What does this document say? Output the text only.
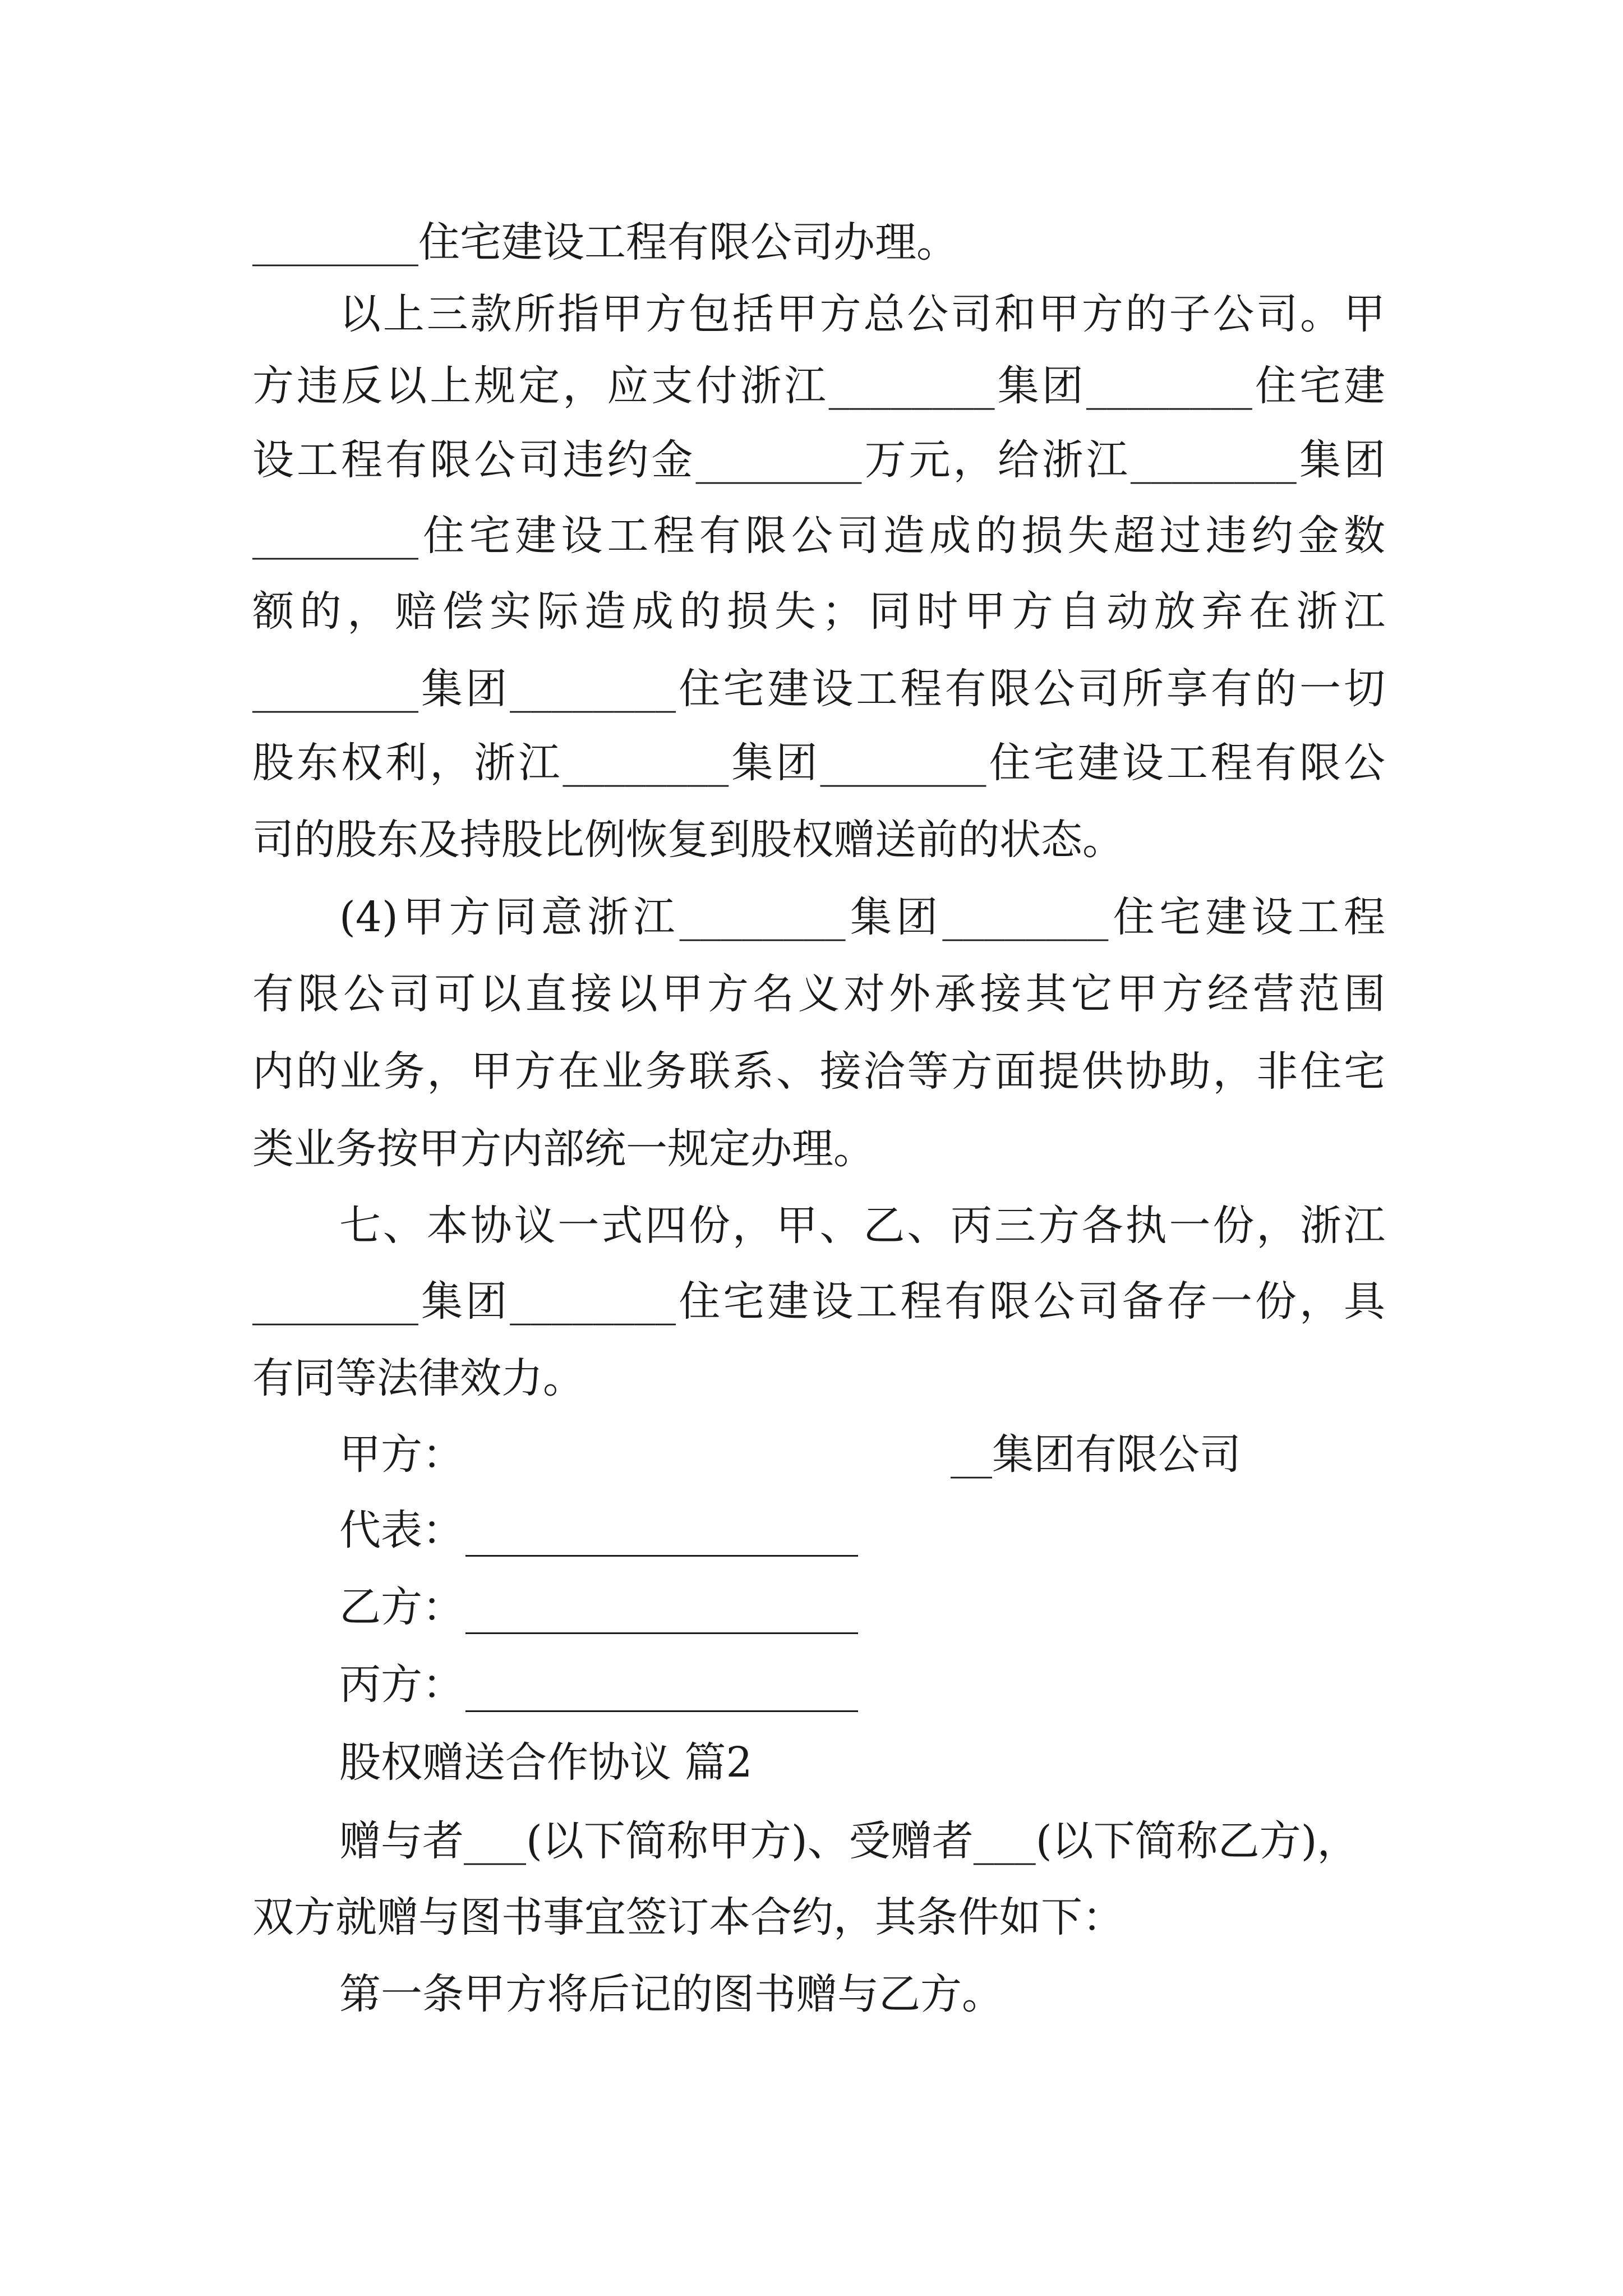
________住宅建设工程有限公司办理。
以上三款所指甲方包括甲方总公司和甲方的子公司。甲
方违反以上规定，应支付浙江________集团________住宅建
设工程有限公司违约金________万元，给浙江________集团
________住宅建设工程有限公司造成的损失超过违约金数
额的，赔偿实际造成的损失；同时甲方自动放弃在浙江
________集团________住宅建设工程有限公司所享有的一切
股东权利，浙江________集团________住宅建设工程有限公
司的股东及持股比例恢复到股权赠送前的状态。
(4)甲方同意浙江________集团________住宅建设工程
有限公司可以直接以甲方名义对外承接其它甲方经营范围
内的业务，甲方在业务联系、接洽等方面提供协助，非住宅
类业务按甲方内部统一规定办理。
七、本协议一式四份，甲、乙、丙三方各执一份，浙江
________集团________住宅建设工程有限公司备存一份，具
有同等法律效力。
甲方：	__集团有限公司
代表：
乙方：
丙方：
股权赠送合作协议 篇2
赠与者___(以下简称甲方)、受赠者___(以下简称乙方)，
双方就赠与图书事宜签订本合约，其条件如下：
第一条甲方将后记的图书赠与乙方。
